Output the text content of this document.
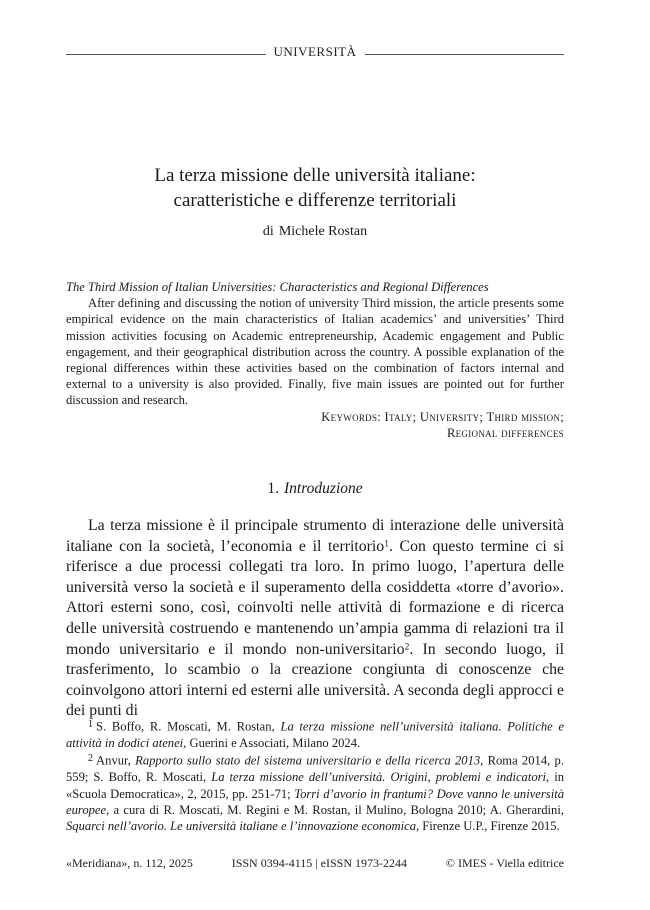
UNIVERSITÀ
La terza missione delle università italiane:
caratteristiche e differenze territoriali
di Michele Rostan
The Third Mission of Italian Universities: Characteristics and Regional Differences
After defining and discussing the notion of university Third mission, the article presents some empirical evidence on the main characteristics of Italian academics’ and universities’ Third mission activities focusing on Academic entrepreneurship, Academic engagement and Public engagement, and their geographical distribution across the country. A possible explanation of the regional differences within these activities based on the combination of factors internal and external to a university is also provided. Finally, five main issues are pointed out for further discussion and research.
Keywords: Italy; University; Third mission;
Regional differences
1. Introduzione

La terza missione è il principale strumento di interazione delle università italiane con la società, l’economia e il territorio$^1$. Con questo termine ci si riferisce a due processi collegati tra loro. In primo luogo, l’apertura delle università verso la società e il superamento della cosiddetta «torre d’avorio». Attori esterni sono, così, coinvolti nelle attività di formazione e di ricerca delle università costruendo e mantenendo un’ampia gamma di relazioni tra il mondo universitario e il mondo non-universitario$^2$. In secondo luogo, il trasferimento, lo scambio o la creazione congiunta di conoscenze che coinvolgono attori interni ed esterni alle università. A seconda degli approcci e dei punti di

$^1$ S. Boffo, R. Moscati, M. Rostan, La terza missione nell’università italiana. Politiche e attività in dodici atenei, Guerini e Associati, Milano 2024.
$^2$ Anvur, Rapporto sullo stato del sistema universitario e della ricerca 2013, Roma 2014, p. 559; S. Boffo, R. Moscati, La terza missione dell’università. Origini, problemi e indicatori, in «Scuola Democratica», 2, 2015, pp. 251-71; Torri d’avorio in frantumi? Dove vanno le università europee, a cura di R. Moscati, M. Regini e M. Rostan, il Mulino, Bologna 2010; A. Gherardini, Squarci nell’avorio. Le università italiane e l’innovazione economica, Firenze U.P., Firenze 2015.
«Meridiana», n. 112, 2025	ISSN 0394-4115 | eISSN 1973-2244	© IMES - Viella editrice
